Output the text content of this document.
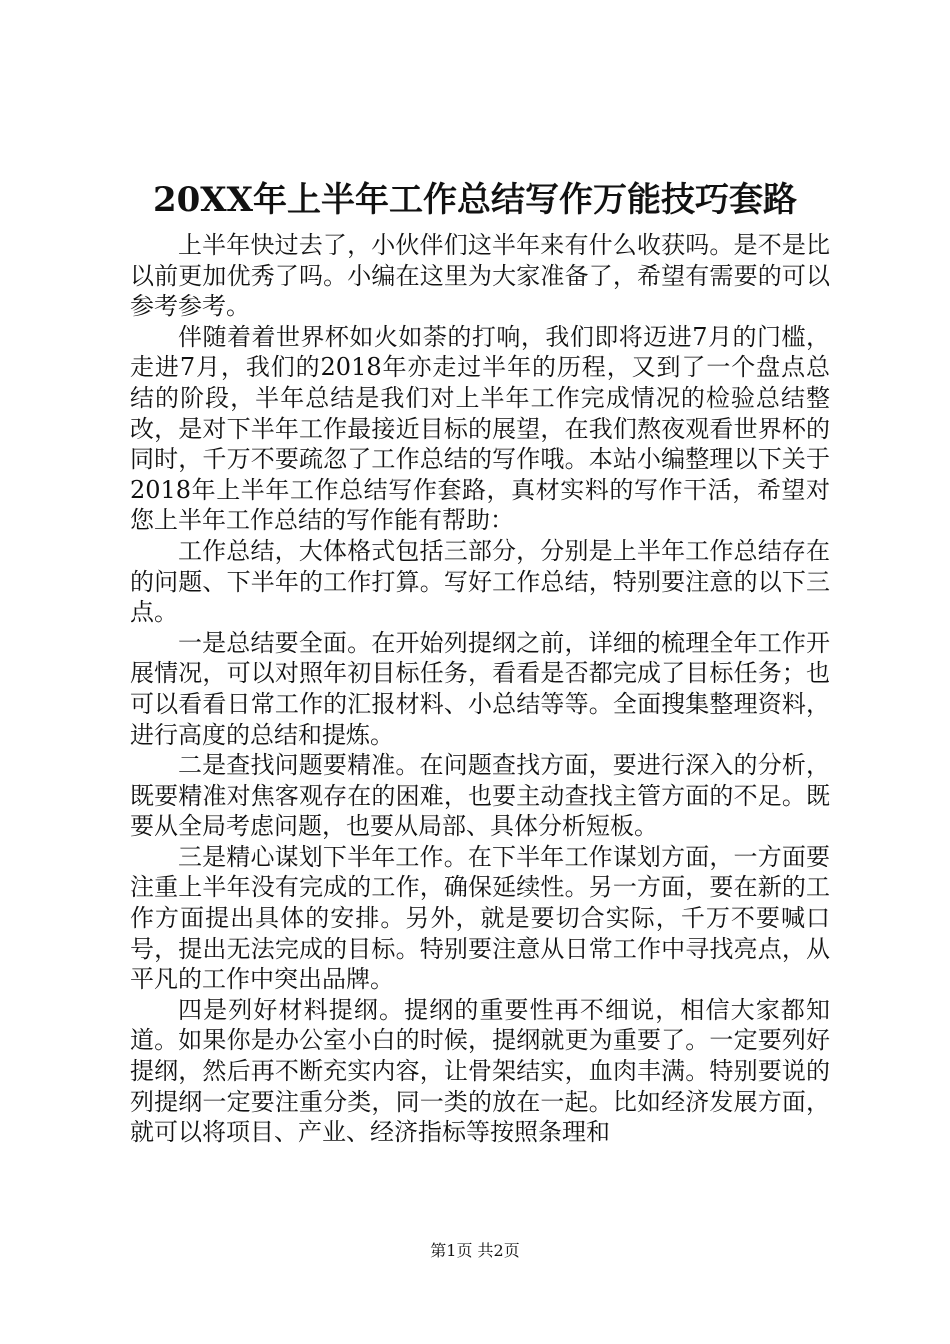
20XX年上半年工作总结写作万能技巧套路

上半年快过去了，小伙伴们这半年来有什么收获吗。是不是比以前更加优秀了吗。小编在这里为大家准备了，希望有需要的可以参考参考。

伴随着着世界杯如火如荼的打响，我们即将迈进7月的门槛，走进7月，我们的2018年亦走过半年的历程，又到了一个盘点总结的阶段，半年总结是我们对上半年工作完成情况的检验总结整改，是对下半年工作最接近目标的展望，在我们熬夜观看世界杯的同时，千万不要疏忽了工作总结的写作哦。本站小编整理以下关于2018年上半年工作总结写作套路，真材实料的写作干活，希望对您上半年工作总结的写作能有帮助：

工作总结，大体格式包括三部分，分别是上半年工作总结存在的问题、下半年的工作打算。写好工作总结，特别要注意的以下三点。

一是总结要全面。在开始列提纲之前，详细的梳理全年工作开展情况，可以对照年初目标任务，看看是否都完成了目标任务；也可以看看日常工作的汇报材料、小总结等等。全面搜集整理资料，进行高度的总结和提炼。

二是查找问题要精准。在问题查找方面，要进行深入的分析，既要精准对焦客观存在的困难，也要主动查找主管方面的不足。既要从全局考虑问题，也要从局部、具体分析短板。

三是精心谋划下半年工作。在下半年工作谋划方面，一方面要注重上半年没有完成的工作，确保延续性。另一方面，要在新的工作方面提出具体的安排。另外，就是要切合实际，千万不要喊口号，提出无法完成的目标。特别要注意从日常工作中寻找亮点，从平凡的工作中突出品牌。

四是列好材料提纲。提纲的重要性再不细说，相信大家都知道。如果你是办公室小白的时候，提纲就更为重要了。一定要列好提纲，然后再不断充实内容，让骨架结实，血肉丰满。特别要说的列提纲一定要注重分类，同一类的放在一起。比如经济发展方面，就可以将项目、产业、经济指标等按照条理和

第1页 共2页
